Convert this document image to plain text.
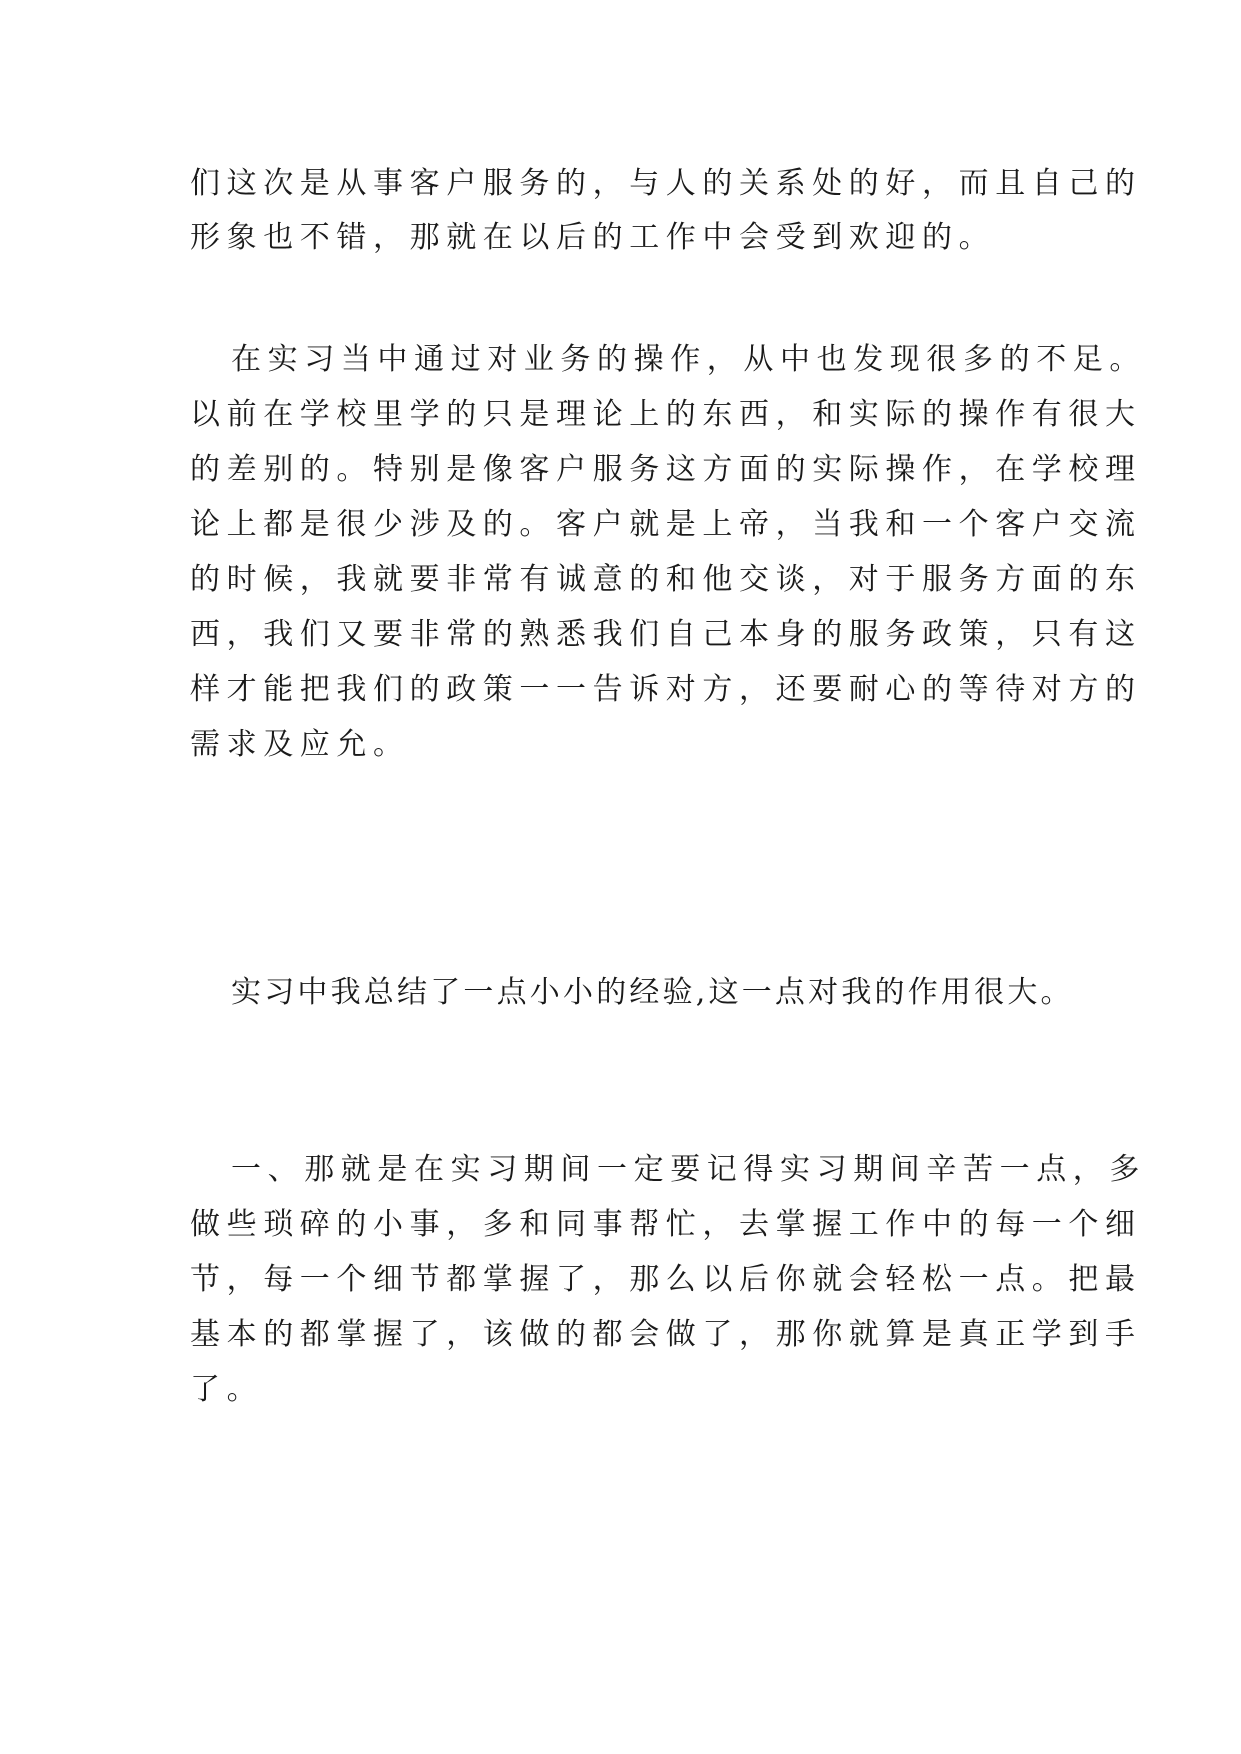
们这次是从事客户服务的，与人的关系处的好，而且自己的

形象也不错，那就在以后的工作中会受到欢迎的。

在实习当中通过对业务的操作，从中也发现很多的不足。

以前在学校里学的只是理论上的东西，和实际的操作有很大

的差别的。特别是像客户服务这方面的实际操作，在学校理

论上都是很少涉及的。客户就是上帝，当我和一个客户交流

的时候，我就要非常有诚意的和他交谈，对于服务方面的东

西，我们又要非常的熟悉我们自己本身的服务政策，只有这

样才能把我们的政策一一告诉对方，还要耐心的等待对方的

需求及应允。

实习中我总结了一点小小的经验,这一点对我的作用很大。

一、那就是在实习期间一定要记得实习期间辛苦一点，多

做些琐碎的小事，多和同事帮忙，去掌握工作中的每一个细

节，每一个细节都掌握了，那么以后你就会轻松一点。把最

基本的都掌握了，该做的都会做了，那你就算是真正学到手

了。
